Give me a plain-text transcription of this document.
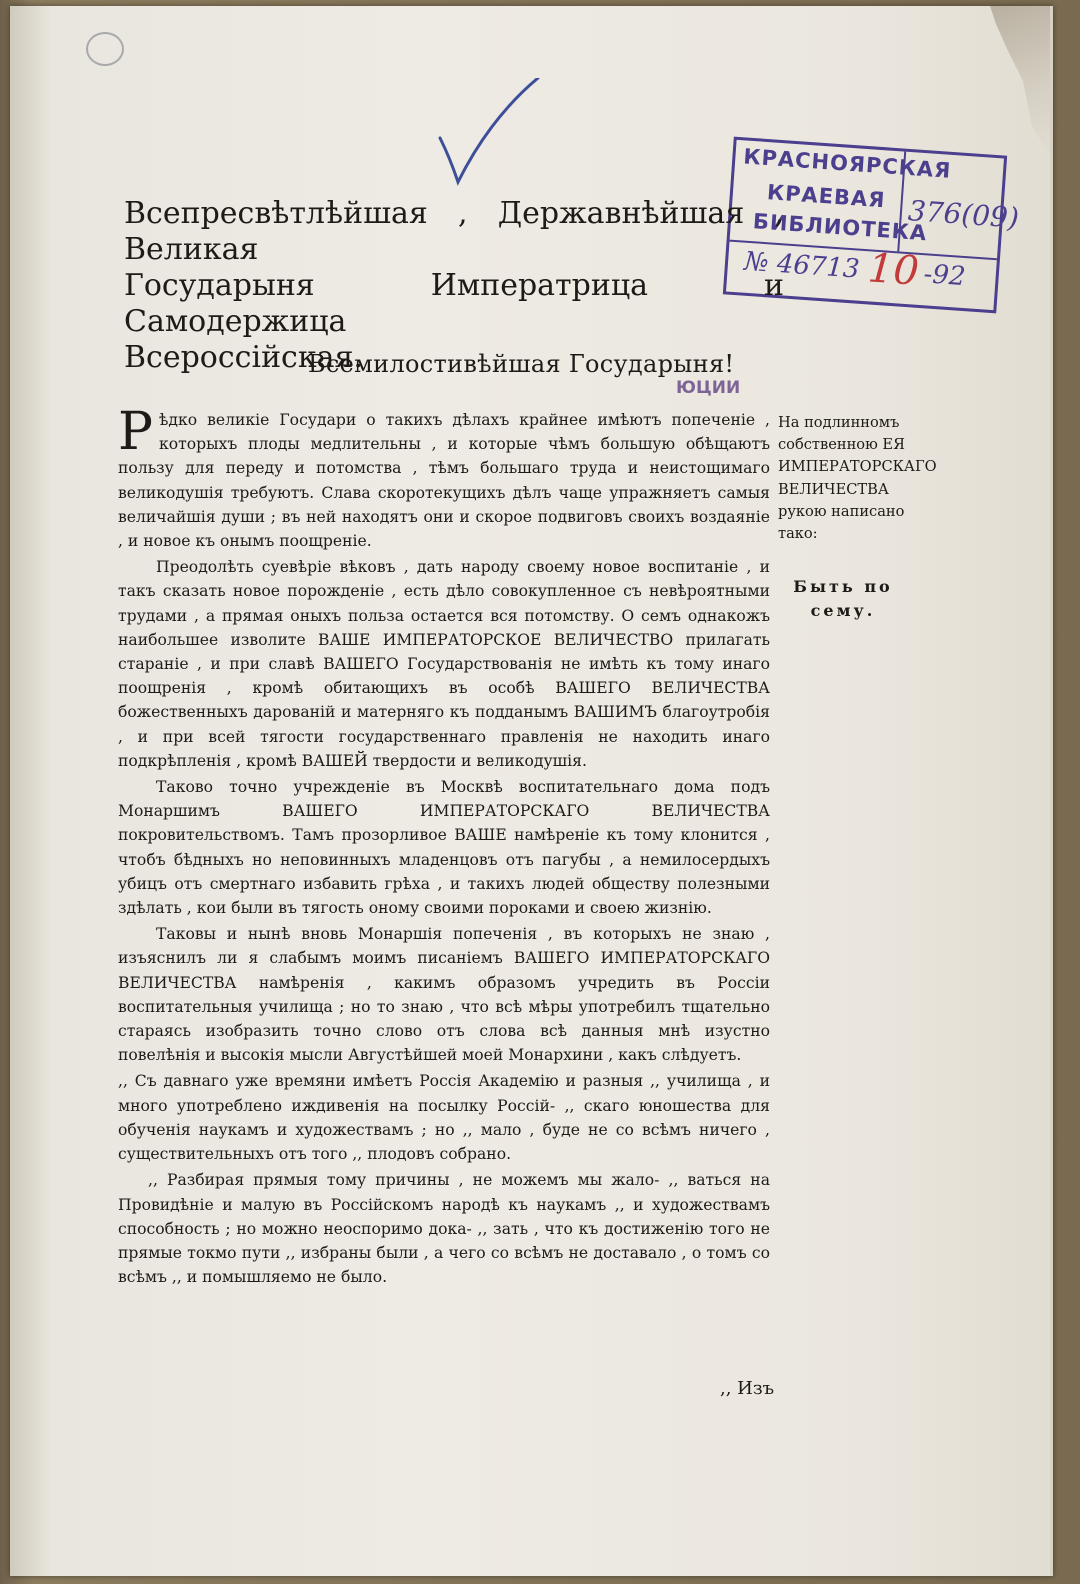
КРАСНОЯРСКАЯ
КРАЕВАЯ
БИБЛИОТЕКА
376(09)
№ 46713 10 -92
ЮЦИИ
Всепресвѣтлѣйшая , Державнѣйшая , Великая
Государыня Императрица и Самодержица
Всероссійская.
Всемилостивѣйшая Государыня!

Рѣдко великіе Государи о такихъ дѣлахъ крайнее имѣютъ попеченіе , которыхъ плоды медлительны , и которые чѣмъ большую обѣщаютъ пользу для переду и потомства , тѣмъ большаго труда и неистощимаго великодушія требуютъ. Слава скоротекущихъ дѣлъ чаще упражняетъ самыя величайшія души ; въ ней находятъ они и скорое подвиговъ своихъ воздаяніе , и новое къ онымъ поощреніе.

Преодолѣть суевѣріе вѣковъ , дать народу своему новое воспитаніе , и такъ сказать новое порожденіе , есть дѣло совокупленное съ невѣроятными трудами , а прямая оныхъ польза остается вся потомству. О семъ однакожъ наибольшее изволите ВАШЕ ИМПЕРАТОРСКОЕ ВЕЛИЧЕСТВО прилагать стараніе , и при славѣ ВАШЕГО Государствованія не имѣть къ тому инаго поощренія , кромѣ обитающихъ въ особѣ ВАШЕГО ВЕЛИЧЕСТВА божественныхъ дарованій и матерняго къ подданымъ ВАШИМЪ благоутробія , и при всей тягости государственнаго правленія не находить инаго подкрѣпленія , кромѣ ВАШЕЙ твердости и великодушія.

Таково точно учрежденіе въ Москвѣ воспитательнаго дома подъ Монаршимъ ВАШЕГО ИМПЕРАТОРСКАГО ВЕЛИЧЕСТВА покровительствомъ. Тамъ прозорливое ВАШЕ намѣреніе къ тому клонится , чтобъ бѣдныхъ но неповинныхъ младенцовъ отъ пагубы , а немилосердыхъ убицъ отъ смертнаго избавить грѣха , и такихъ людей обществу полезными здѣлать , кои были въ тягость оному своими пороками и своею жизнію.

Таковы и нынѣ вновь Монаршія попеченія , въ которыхъ не знаю , изъяснилъ ли я слабымъ моимъ писаніемъ ВАШЕГО ИМПЕРАТОРСКАГО ВЕЛИЧЕСТВА намѣренія , какимъ образомъ учредить въ Россіи воспитательныя училища ; но то знаю , что всѣ мѣры употребилъ тщательно стараясь изобразить точно слово отъ слова всѣ данныя мнѣ изустно повелѣнія и высокія мысли Августѣйшей моей Монархини , какъ слѣдуетъ.

,, Съ давнаго уже времяни имѣетъ Россія Академію и разныя ,, училища , и много употреблено иждивенія на посылку Россій- ,, скаго юношества для обученія наукамъ и художествамъ ; но ,, мало , буде не со всѣмъ ничего , существительныхъ отъ того ,, плодовъ собрано.

,, Разбирая прямыя тому причины , не можемъ мы жало- ,, ваться на Провидѣніе и малую въ Россійскомъ народѣ къ наукамъ ,, и художествамъ способность ; но можно неоспоримо дока- ,, зать , что къ достиженію того не прямые токмо пути ,, избраны были , а чего со всѣмъ не доставало , о томъ со всѣмъ ,, и помышляемо не было.

На подлинномъ собственною ЕЯ ИМПЕРАТОРСКАГО ВЕЛИЧЕСТВА рукою написано тако:
Быть по сему.
,, Изъ
